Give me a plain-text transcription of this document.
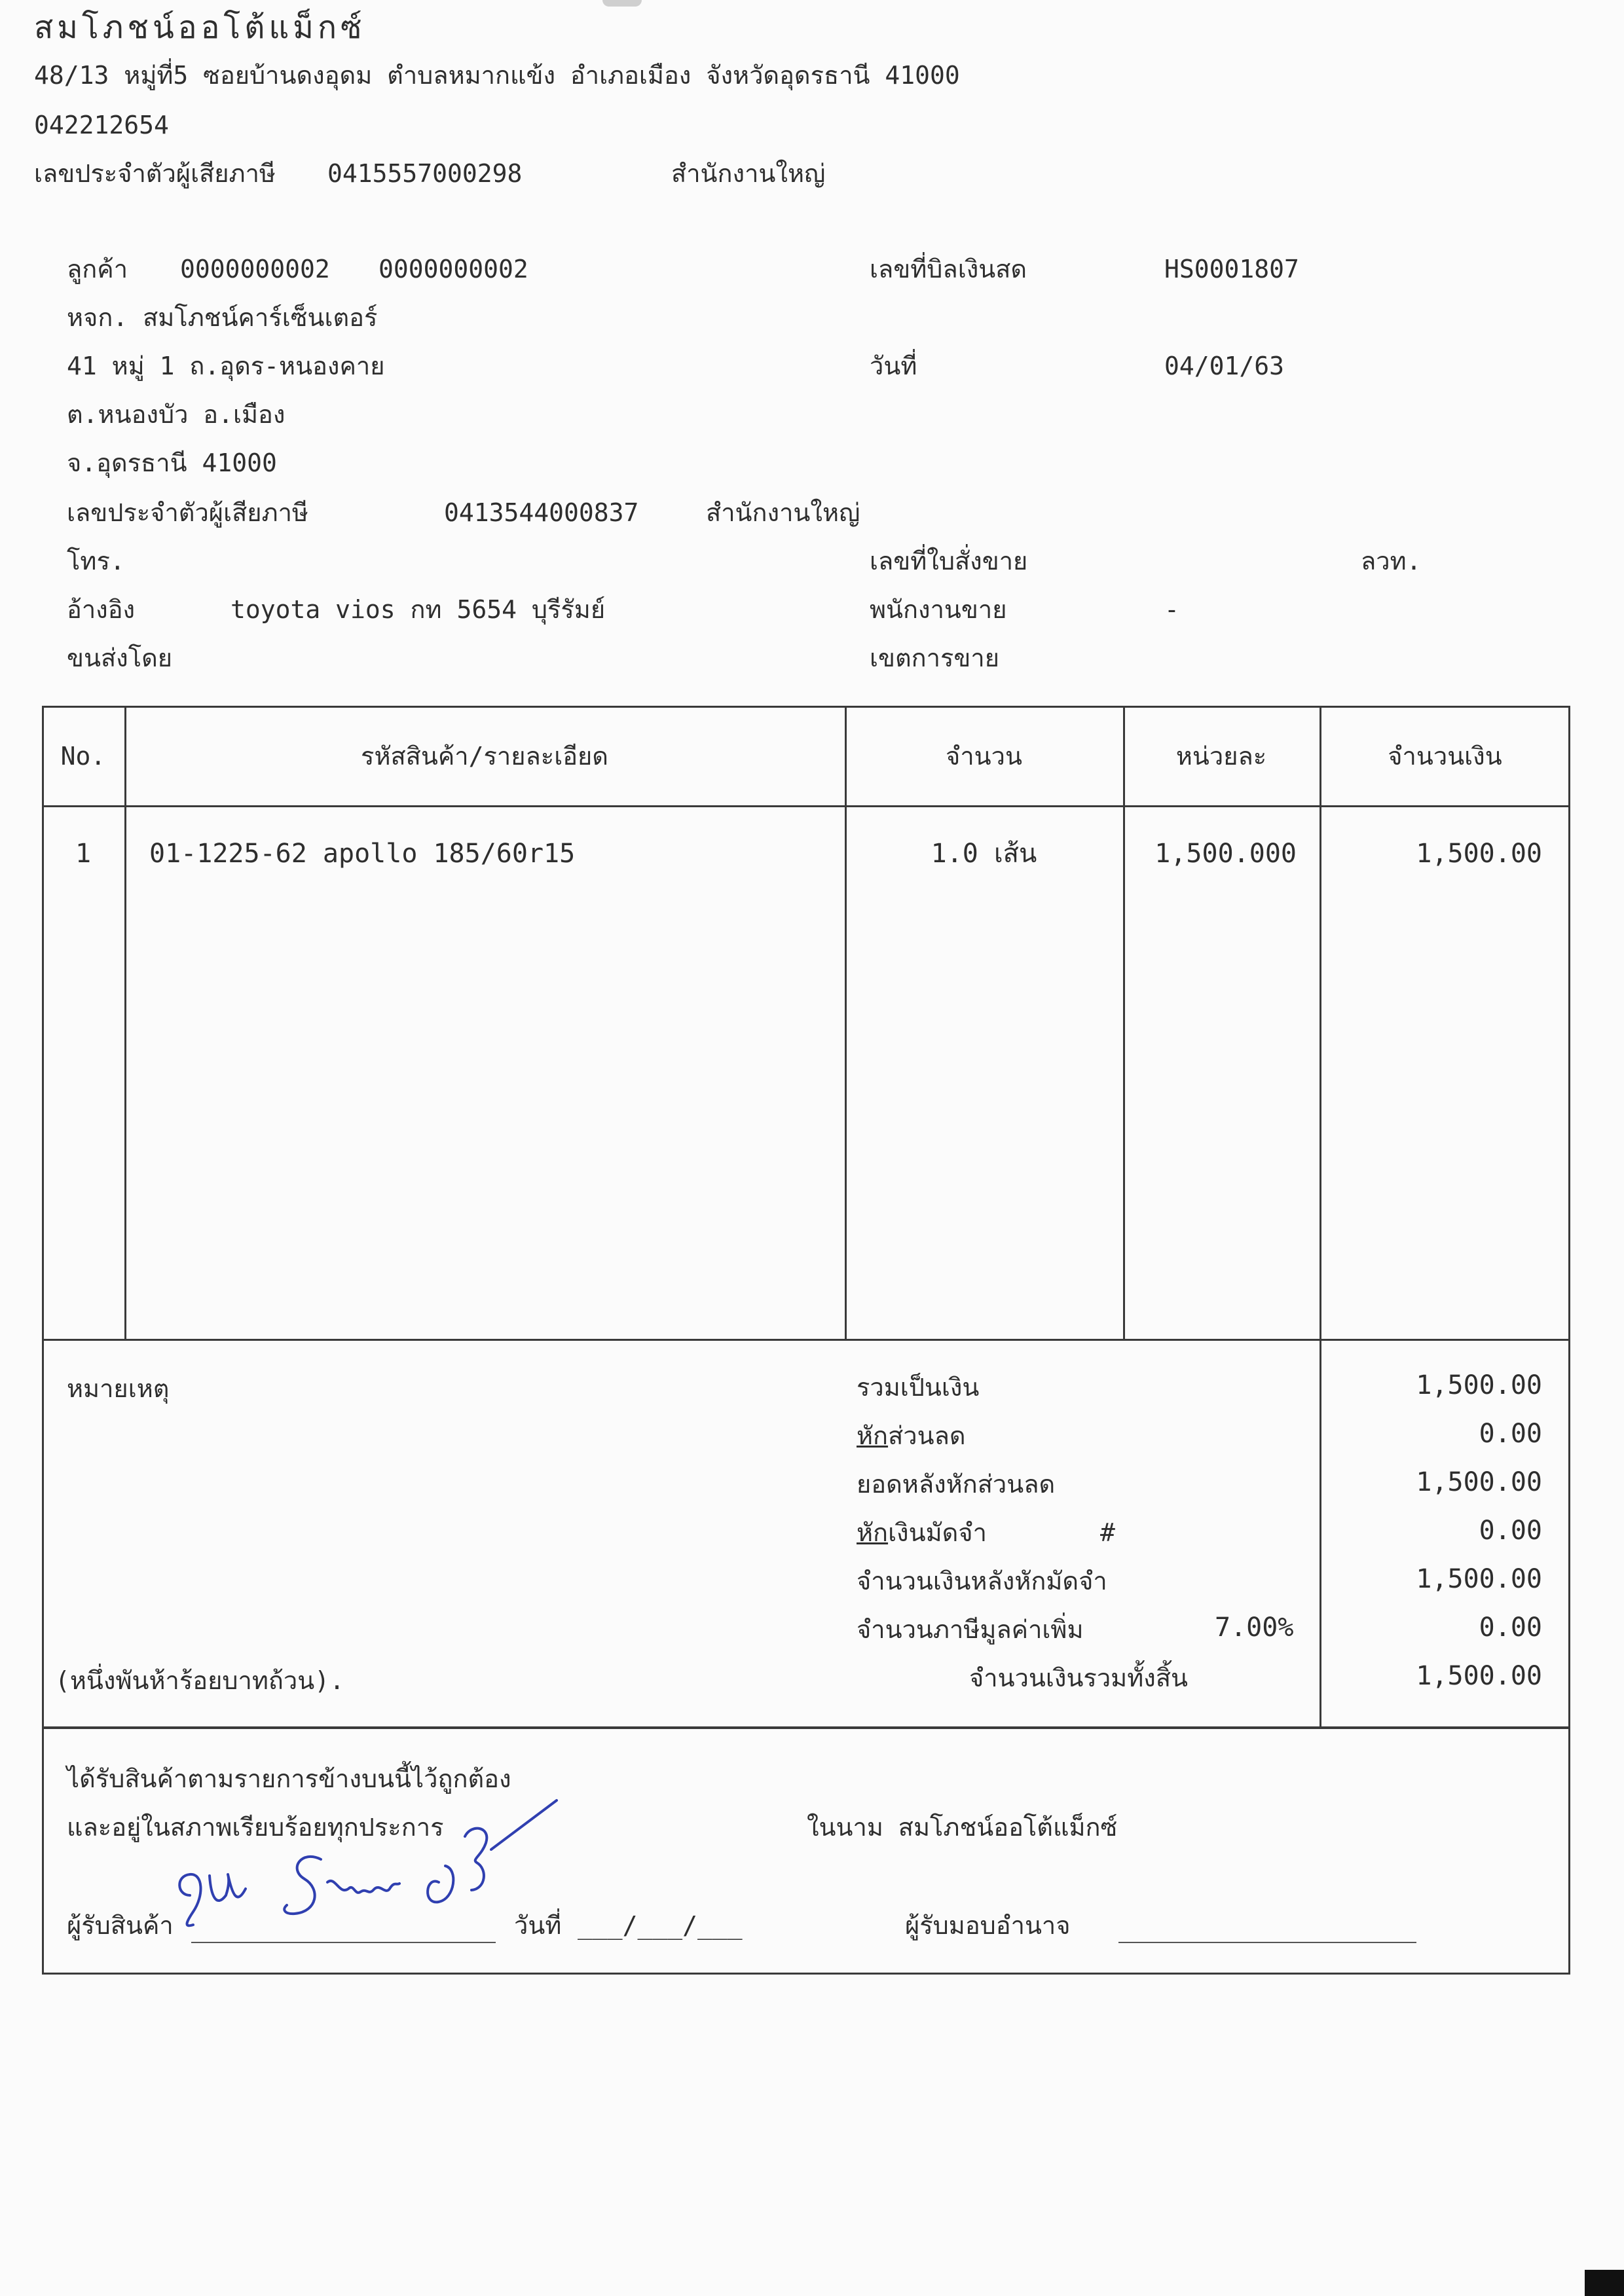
สมโภชน์ออโต้แม็กซ์
48/13 หมู่ที่5 ซอยบ้านดงอุดม ตำบลหมากแข้ง อำเภอเมือง จังหวัดอุดรธานี 41000
042212654
เลขประจำตัวผู้เสียภาษี 0415557000298	สำนักงานใหญ่
ลูกค้า 0000000002 0000000002
หจก. สมโภชน์คาร์เซ็นเตอร์
41 หมู่ 1 ถ.อุดร-หนองคาย
ต.หนองบัว อ.เมือง
จ.อุดรธานี 41000
เลขประจำตัวผู้เสียภาษี	0413544000837	สำนักงานใหญ่
โทร.
อ้างอิง	toyota vios กท 5654 บุรีรัมย์
ขนส่งโดย
เลขที่บิลเงินสด	HS0001807
วันที่	04/01/63
เลขที่ใบสั่งขาย	ลวท.
พนักงานขาย	-
เขตการขาย
No.	รหัสสินค้า/รายละเอียด	จำนวน	หน่วยละ	จำนวนเงิน
1	01-1225-62 apollo 185/60r15	1.0 เส้น	1,500.000	1,500.00
หมายเหตุ	รวมเป็นเงิน	1,500.00
หักส่วนลด	0.00
ยอดหลังหักส่วนลด	1,500.00
หักเงินมัดจำ	#	0.00
จำนวนเงินหลังหักมัดจำ	1,500.00
จำนวนภาษีมูลค่าเพิ่ม	7.00%	0.00
(หนึ่งพันห้าร้อยบาทถ้วน).	จำนวนเงินรวมทั้งสิ้น	1,500.00
ได้รับสินค้าตามรายการข้างบนนี้ไว้ถูกต้อง
และอยู่ในสภาพเรียบร้อยทุกประการ	ในนาม สมโภชน์ออโต้แม็กซ์
ผู้รับสินค้า	วันที่ ___/___/___	ผู้รับมอบอำนาจ
